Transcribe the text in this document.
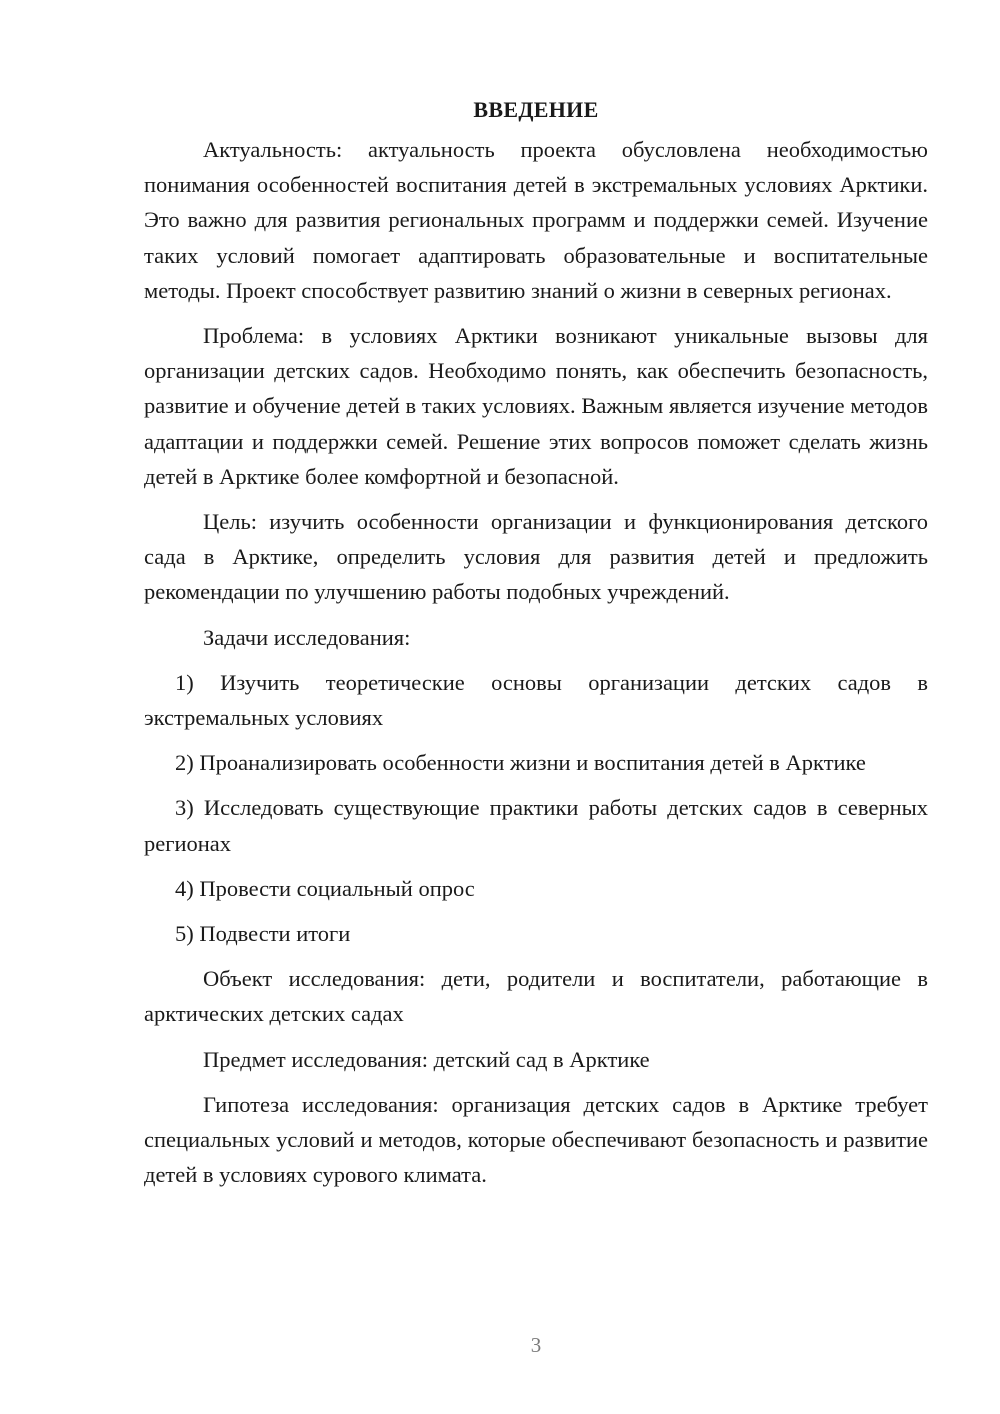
ВВЕДЕНИЕ

Актуальность: актуальность проекта обусловлена необходимостью понимания особенностей воспитания детей в экстремальных условиях Арктики. Это важно для развития региональных программ и поддержки семей. Изучение таких условий помогает адаптировать образовательные и воспитательные методы. Проект способствует развитию знаний о жизни в северных регионах.

Проблема: в условиях Арктики возникают уникальные вызовы для организации детских садов. Необходимо понять, как обеспечить безопасность, развитие и обучение детей в таких условиях. Важным является изучение методов адаптации и поддержки семей. Решение этих вопросов поможет сделать жизнь детей в Арктике более комфортной и безопасной.

Цель: изучить особенности организации и функционирования детского сада в Арктике, определить условия для развития детей и предложить рекомендации по улучшению работы подобных учреждений.

Задачи исследования:

1) Изучить теоретические основы организации детских садов в экстремальных условиях

2) Проанализировать особенности жизни и воспитания детей в Арктике

3) Исследовать существующие практики работы детских садов в северных регионах

4) Провести социальный опрос

5) Подвести итоги

Объект исследования: дети, родители и воспитатели, работающие в арктических детских садах

Предмет исследования: детский сад в Арктике

Гипотеза исследования: организация детских садов в Арктике требует специальных условий и методов, которые обеспечивают безопасность и развитие детей в условиях сурового климата.

3
